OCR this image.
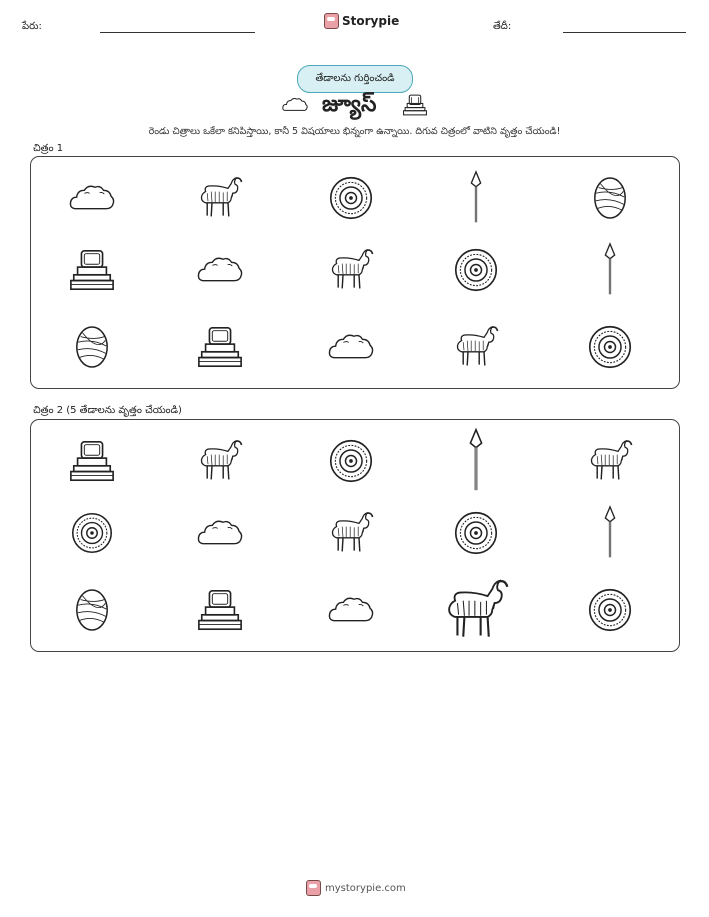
పేరు:	Storypie	తేదీ:
తేడాలను గుర్తించండి
జ్యూస్
రెండు చిత్రాలు ఒకేలా కనిపిస్తాయి, కానీ 5 విషయాలు భిన్నంగా ఉన్నాయి. దిగువ చిత్రంలో వాటిని వృత్తం చేయండి!
చిత్రం 1
చిత్రం 2 (5 తేడాలను వృత్తం చేయండి)
mystorypie.com
